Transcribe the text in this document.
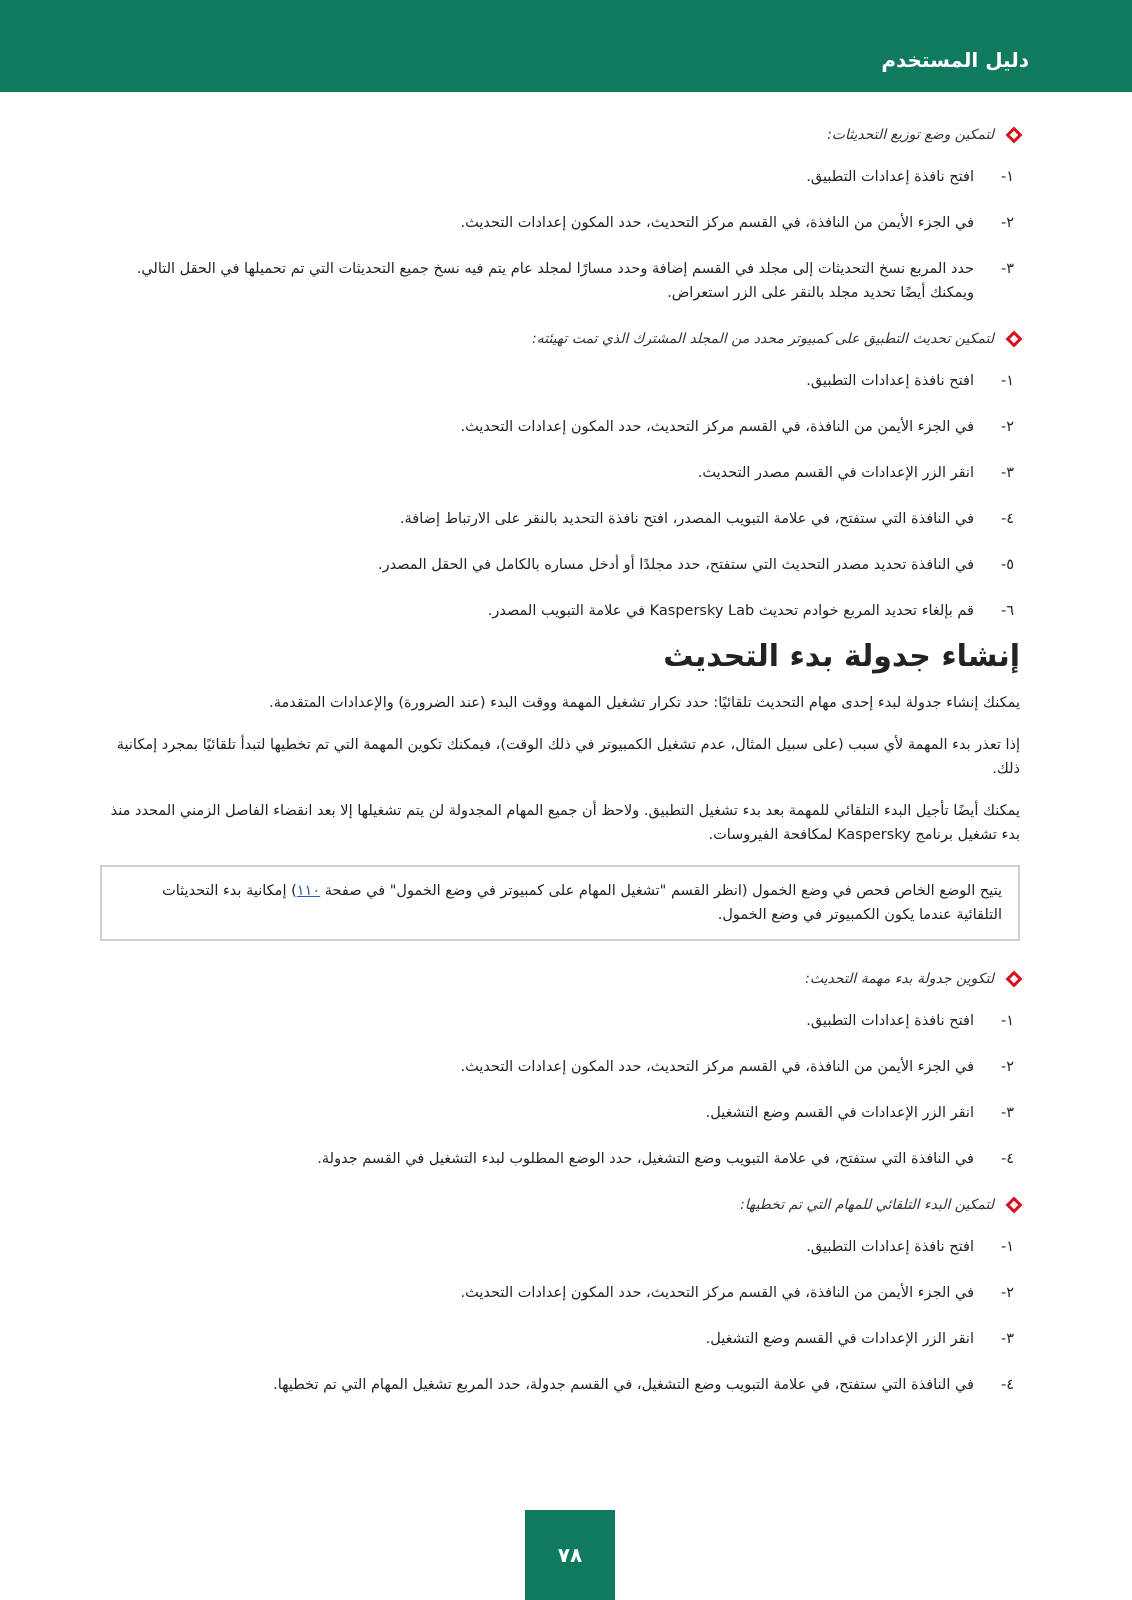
دليل المستخدم
لتمكين وضع توزيع التحديثات:
١-
افتح نافذة إعدادات التطبيق.
٢-
في الجزء الأيمن من النافذة، في القسم مركز التحديث، حدد المكون إعدادات التحديث.
٣-
حدد المربع نسخ التحديثات إلى مجلد في القسم إضافة وحدد مسارًا لمجلد عام يتم فيه نسخ جميع التحديثات التي تم تحميلها في الحقل التالي. ويمكنك أيضًا تحديد مجلد بالنقر على الزر استعراض.
لتمكين تحديث التطبيق على كمبيوتر محدد من المجلد المشترك الذي تمت تهيئته:
١-
افتح نافذة إعدادات التطبيق.
٢-
في الجزء الأيمن من النافذة، في القسم مركز التحديث، حدد المكون إعدادات التحديث.
٣-
انقر الزر الإعدادات في القسم مصدر التحديث.
٤-
في النافذة التي ستفتح، في علامة التبويب المصدر، افتح نافذة التحديد بالنقر على الارتباط إضافة.
٥-
في النافذة تحديد مصدر التحديث التي ستفتح، حدد مجلدًا أو أدخل مساره بالكامل في الحقل المصدر.
٦-
قم بإلغاء تحديد المربع خوادم تحديث Kaspersky Lab في علامة التبويب المصدر.
إنشاء جدولة بدء التحديث

يمكنك إنشاء جدولة لبدء إحدى مهام التحديث تلقائيًا: حدد تكرار تشغيل المهمة ووقت البدء (عند الضرورة) والإعدادات المتقدمة.

إذا تعذر بدء المهمة لأي سبب (على سبيل المثال، عدم تشغيل الكمبيوتر في ذلك الوقت)، فيمكنك تكوين المهمة التي تم تخطيها لتبدأ تلقائيًا بمجرد إمكانية ذلك.

يمكنك أيضًا تأجيل البدء التلقائي للمهمة بعد بدء تشغيل التطبيق. ولاحظ أن جميع المهام المجدولة لن يتم تشغيلها إلا بعد انقضاء الفاصل الزمني المحدد منذ بدء تشغيل برنامج Kaspersky لمكافحة الفيروسات.

يتيح الوضع الخاص فحص في وضع الخمول (انظر القسم "تشغيل المهام على كمبيوتر في وضع الخمول" في صفحة ١١٠) إمكانية بدء التحديثات التلقائية عندما يكون الكمبيوتر في وضع الخمول.
لتكوين جدولة بدء مهمة التحديث:
١-
افتح نافذة إعدادات التطبيق.
٢-
في الجزء الأيمن من النافذة، في القسم مركز التحديث، حدد المكون إعدادات التحديث.
٣-
انقر الزر الإعدادات في القسم وضع التشغيل.
٤-
في النافذة التي ستفتح، في علامة التبويب وضع التشغيل، حدد الوضع المطلوب لبدء التشغيل في القسم جدولة.
لتمكين البدء التلقائي للمهام التي تم تخطيها:
١-
افتح نافذة إعدادات التطبيق.
٢-
في الجزء الأيمن من النافذة، في القسم مركز التحديث، حدد المكون إعدادات التحديث.
٣-
انقر الزر الإعدادات في القسم وضع التشغيل.
٤-
في النافذة التي ستفتح، في علامة التبويب وضع التشغيل، في القسم جدولة، حدد المربع تشغيل المهام التي تم تخطيها.
٧٨
